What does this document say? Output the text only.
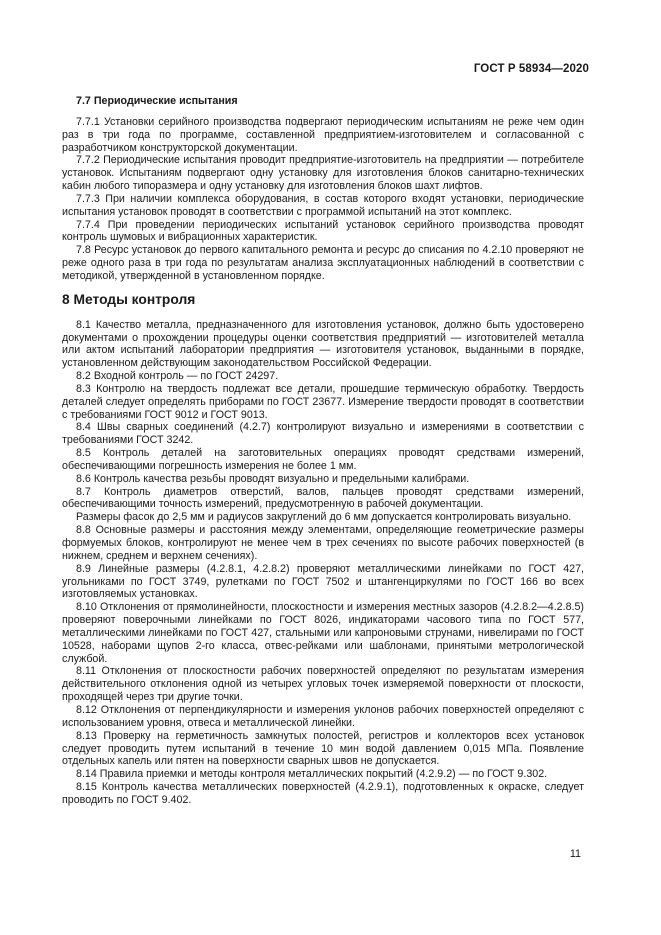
ГОСТ Р 58934—2020
7.7 Периодические испытания

7.7.1 Установки серийного производства подвергают периодическим испытаниям не реже чем один раз в три года по программе, составленной предприятием-изготовителем и согласованной с разработчиком конструкторской документации.

7.7.2 Периодические испытания проводит предприятие-изготовитель на предприятии — потребителе установок. Испытаниям подвергают одну установку для изготовления блоков санитарно-технических кабин любого типоразмера и одну установку для изготовления блоков шахт лифтов.

7.7.3 При наличии комплекса оборудования, в состав которого входят установки, периодические испытания установок проводят в соответствии с программой испытаний на этот комплекс.

7.7.4 При проведении периодических испытаний установок серийного производства проводят контроль шумовых и вибрационных характеристик.

7.8 Ресурс установок до первого капитального ремонта и ресурс до списания по 4.2.10 проверяют не реже одного раза в три года по результатам анализа эксплуатационных наблюдений в соответствии с методикой, утвержденной в установленном порядке.

8 Методы контроля

8.1 Качество металла, предназначенного для изготовления установок, должно быть удостоверено документами о прохождении процедуры оценки соответствия предприятий — изготовителей металла или актом испытаний лаборатории предприятия — изготовителя установок, выданными в порядке, установленном действующим законодательством Российской Федерации.

8.2 Входной контроль — по ГОСТ 24297.

8.3 Контролю на твердость подлежат все детали, прошедшие термическую обработку. Твердость деталей следует определять приборами по ГОСТ 23677. Измерение твердости проводят в соответствии с требованиями ГОСТ 9012 и ГОСТ 9013.

8.4 Швы сварных соединений (4.2.7) контролируют визуально и измерениями в соответствии с требованиями ГОСТ 3242.

8.5 Контроль деталей на заготовительных операциях проводят средствами измерений, обеспечивающими погрешность измерения не более 1 мм.

8.6 Контроль качества резьбы проводят визуально и предельными калибрами.

8.7 Контроль диаметров отверстий, валов, пальцев проводят средствами измерений, обеспечивающими точность измерений, предусмотренную в рабочей документации.

Размеры фасок до 2,5 мм и радиусов закруглений до 6 мм допускается контролировать визуально.

8.8 Основные размеры и расстояния между элементами, определяющие геометрические размеры формуемых блоков, контролируют не менее чем в трех сечениях по высоте рабочих поверхностей (в нижнем, среднем и верхнем сечениях).

8.9 Линейные размеры (4.2.8.1, 4.2.8.2) проверяют металлическими линейками по ГОСТ 427, угольниками по ГОСТ 3749, рулетками по ГОСТ 7502 и штангенциркулями по ГОСТ 166 во всех изготовляемых установках.

8.10 Отклонения от прямолинейности, плоскостности и измерения местных зазоров (4.2.8.2—4.2.8.5) проверяют поверочными линейками по ГОСТ 8026, индикаторами часового типа по ГОСТ 577, металлическими линейками по ГОСТ 427, стальными или капроновыми струнами, нивелирами по ГОСТ 10528, наборами щупов 2-го класса, отвес-рейками или шаблонами, принятыми метрологической службой.

8.11 Отклонения от плоскостности рабочих поверхностей определяют по результатам измерения действительного отклонения одной из четырех угловых точек измеряемой поверхности от плоскости, проходящей через три другие точки.

8.12 Отклонения от перпендикулярности и измерения уклонов рабочих поверхностей определяют с использованием уровня, отвеса и металлической линейки.

8.13 Проверку на герметичность замкнутых полостей, регистров и коллекторов всех установок следует проводить путем испытаний в течение 10 мин водой давлением 0,015 МПа. Появление отдельных капель или пятен на поверхности сварных швов не допускается.

8.14 Правила приемки и методы контроля металлических покрытий (4.2.9.2) — по ГОСТ 9.302.

8.15 Контроль качества металлических поверхностей (4.2.9.1), подготовленных к окраске, следует проводить по ГОСТ 9.402.

11
